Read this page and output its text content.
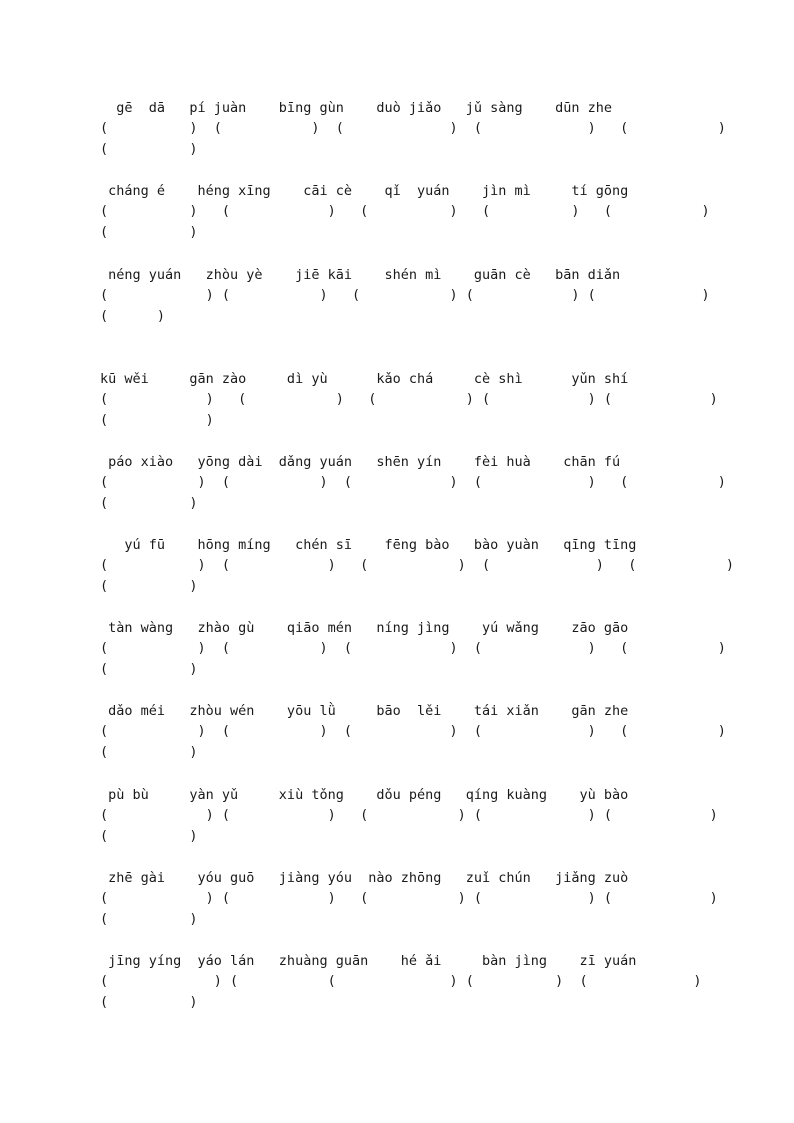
gē  dā   pí juàn    bīng gùn    duò jiǎo   jǔ sàng    dūn zhe
(          )  (           )  (             )  (             )   (           )
(          )
cháng é    héng xīng    cāi cè    qǐ  yuán    jìn mì     tí gōng
(          )   (            )   (          )   (          )   (           )
(          )
néng yuán   zhòu yè    jiē kāi    shén mì    guān cè   bān diǎn
(            ) (           )   (           ) (            ) (             )
(      )
kū wěi     gān zào     dì yù      kǎo chá     cè shì      yǔn shí
(            )   (           )   (           ) (            ) (            )
(            )
páo xiào   yōng dài  dǎng yuán   shēn yín    fèi huà    chān fú
(           )  (           )  (            )  (             )   (           )
(          )
yú fū    hōng míng   chén sī    fēng bào   bào yuàn   qīng tīng
(           )  (            )   (           )  (             )   (           )
(          )
tàn wàng   zhào gù    qiāo mén   níng jìng    yú wǎng    zāo gāo
(           )  (           )  (            )  (             )   (           )
(          )
dǎo méi   zhòu wén    yōu lǜ     bāo  lěi    tái xiǎn    gān zhe
(           )  (           )  (            )  (             )   (           )
(          )
pù bù     yàn yǔ     xiù tǒng    dǒu péng   qíng kuàng    yù bào
(            ) (            )   (           ) (             ) (            )
(          )
zhē gài    yóu guō   jiàng yóu  nào zhōng   zuǐ chún   jiǎng zuò
(            ) (            )   (           ) (             ) (            )
(          )
jīng yíng  yáo lán   zhuàng guān    hé ǎi     bàn jìng    zī yuán
(             ) (           (              ) (          )  (             )
(          )
